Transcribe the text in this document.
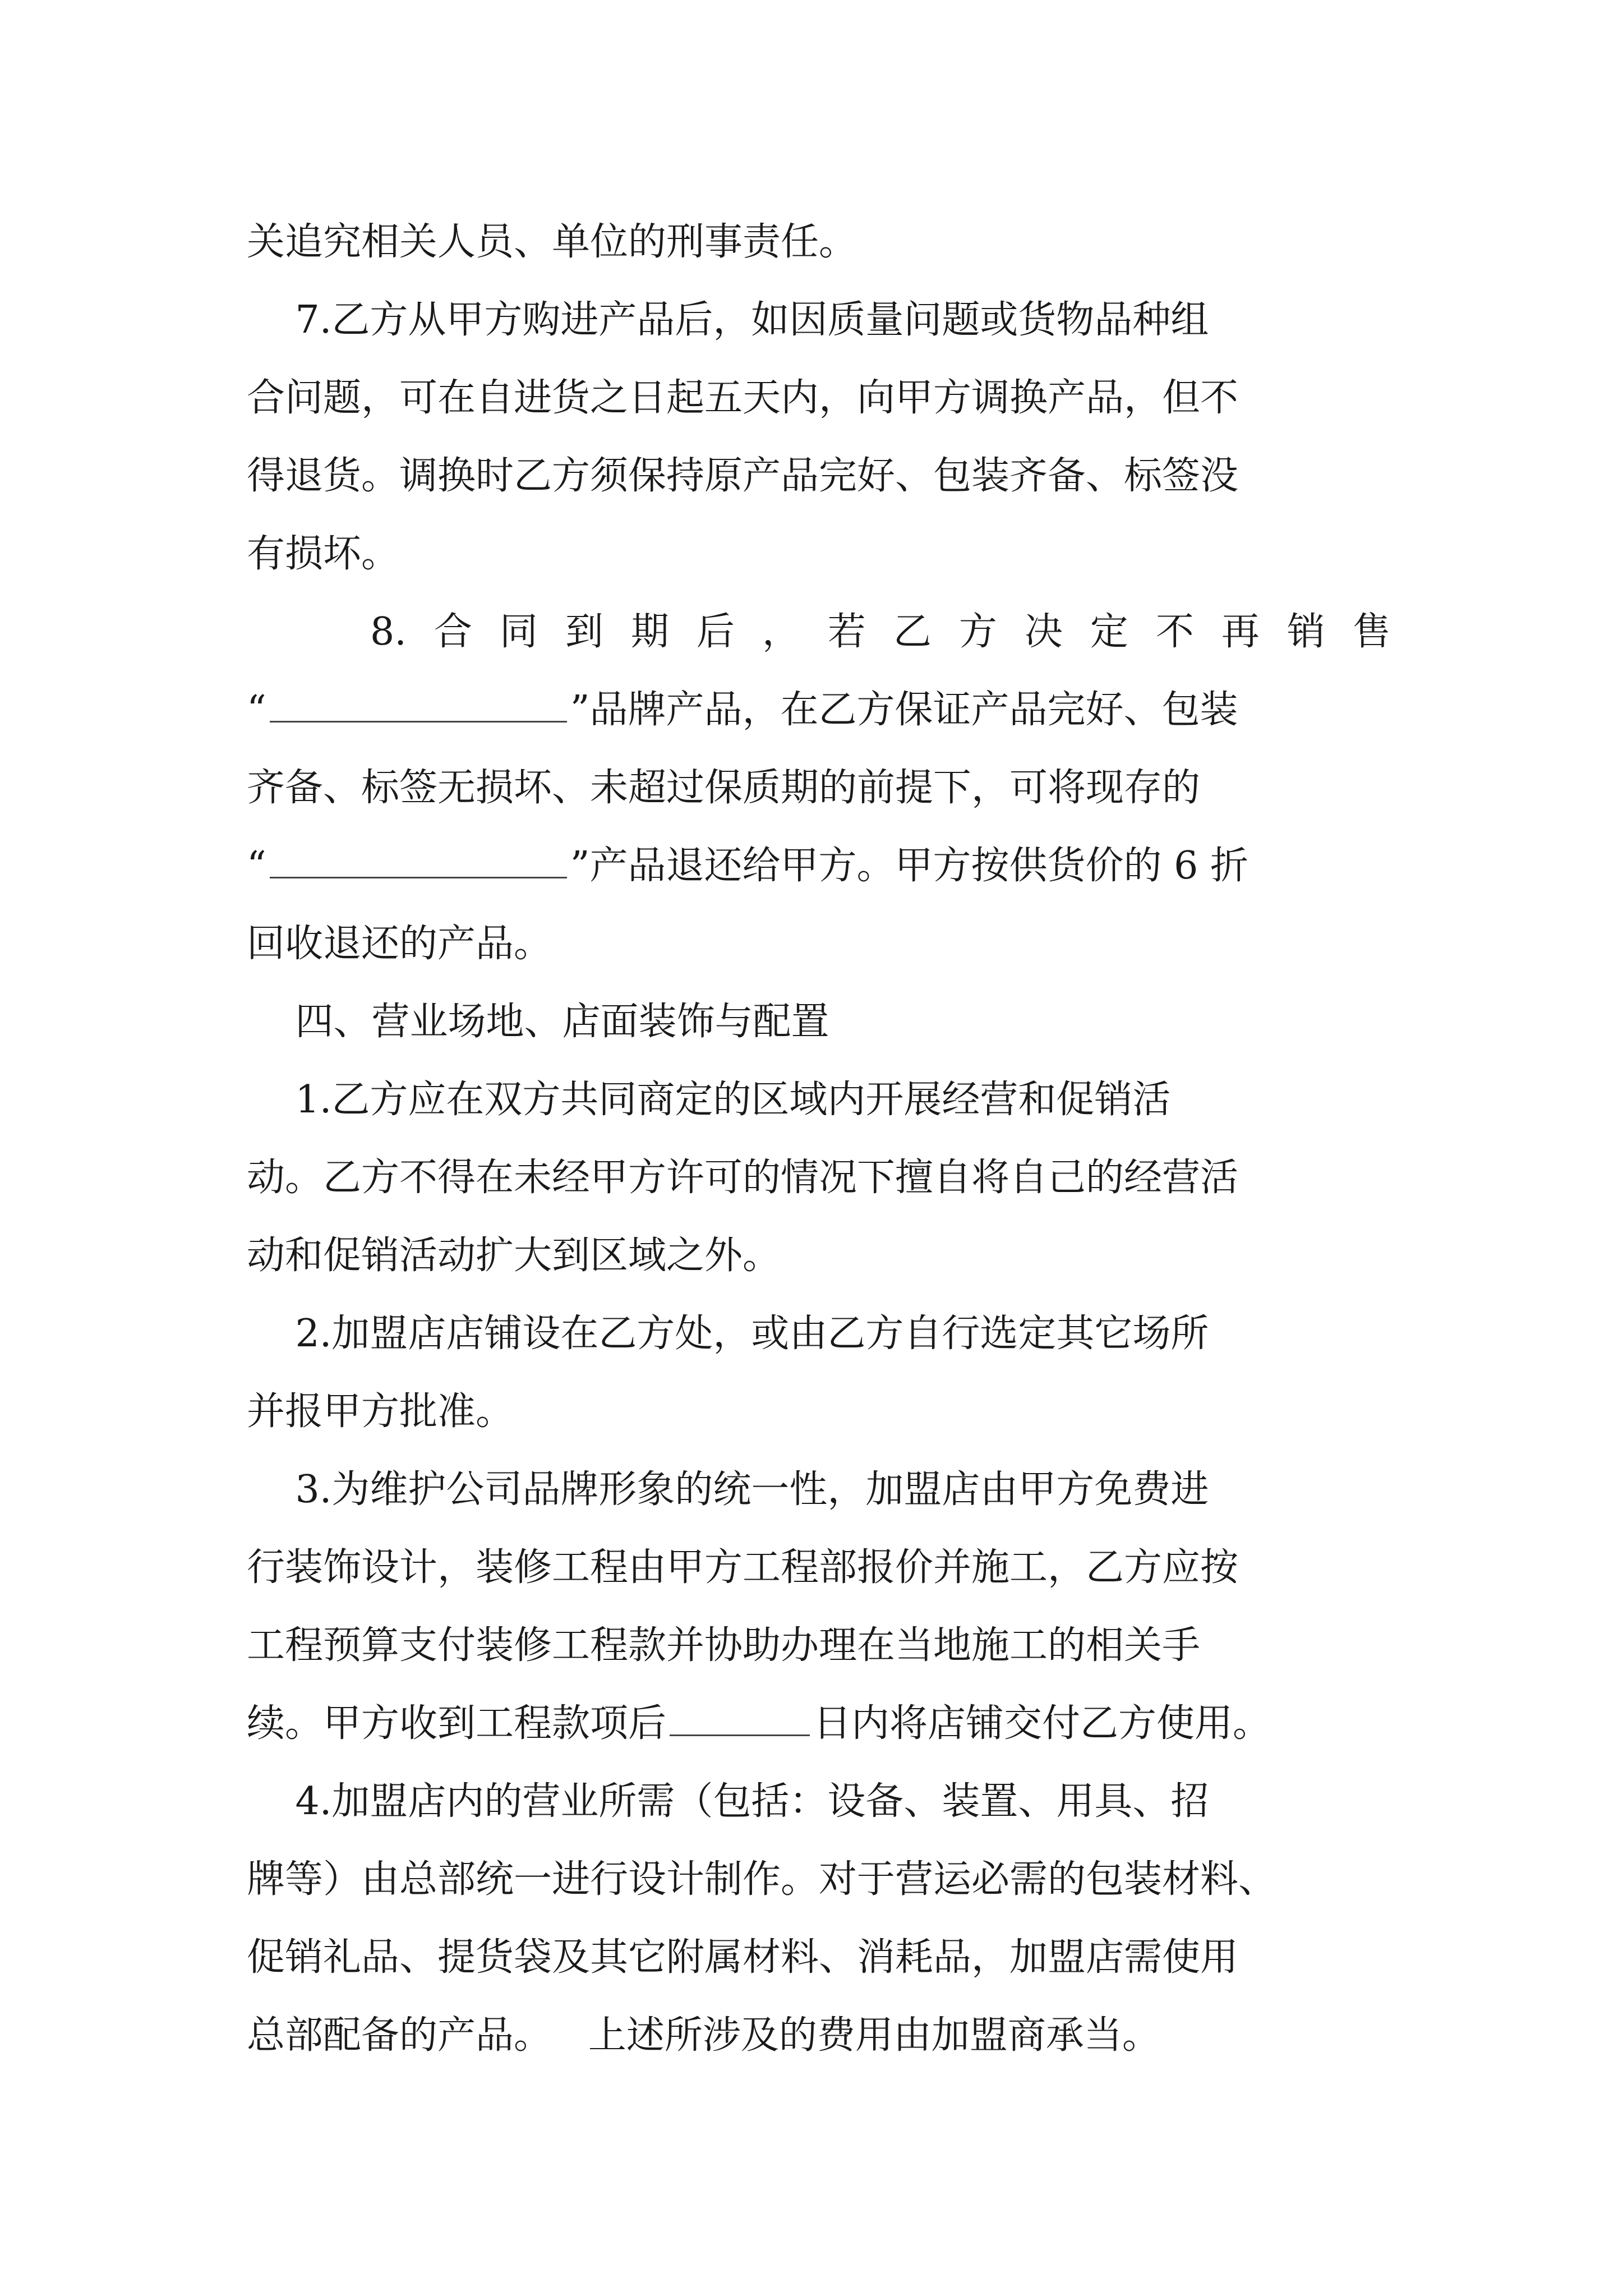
关追究相关人员、单位的刑事责任。
7.乙方从甲方购进产品后，如因质量问题或货物品种组
合问题，可在自进货之日起五天内，向甲方调换产品，但不
得退货。调换时乙方须保持原产品完好、包装齐备、标签没
有损坏。
8. 合 同 到 期 后 ， 若 乙 方 决 定 不 再 销 售
“	”品牌产品，在乙方保证产品完好、包装
齐备、标签无损坏、未超过保质期的前提下，可将现存的
“	”产品退还给甲方。甲方按供货价的 6 折
回收退还的产品。
四、营业场地、店面装饰与配置
1.乙方应在双方共同商定的区域内开展经营和促销活
动。乙方不得在未经甲方许可的情况下擅自将自己的经营活
动和促销活动扩大到区域之外。
2.加盟店店铺设在乙方处，或由乙方自行选定其它场所
并报甲方批准。
3.为维护公司品牌形象的统一性，加盟店由甲方免费进
行装饰设计，装修工程由甲方工程部报价并施工，乙方应按
工程预算支付装修工程款并协助办理在当地施工的相关手
续。甲方收到工程款项后	日内将店铺交付乙方使用。
4.加盟店内的营业所需（包括：设备、装置、用具、招
牌等）由总部统一进行设计制作。对于营运必需的包装材料、
促销礼品、提货袋及其它附属材料、消耗品，加盟店需使用
总部配备的产品。   上述所涉及的费用由加盟商承当。
